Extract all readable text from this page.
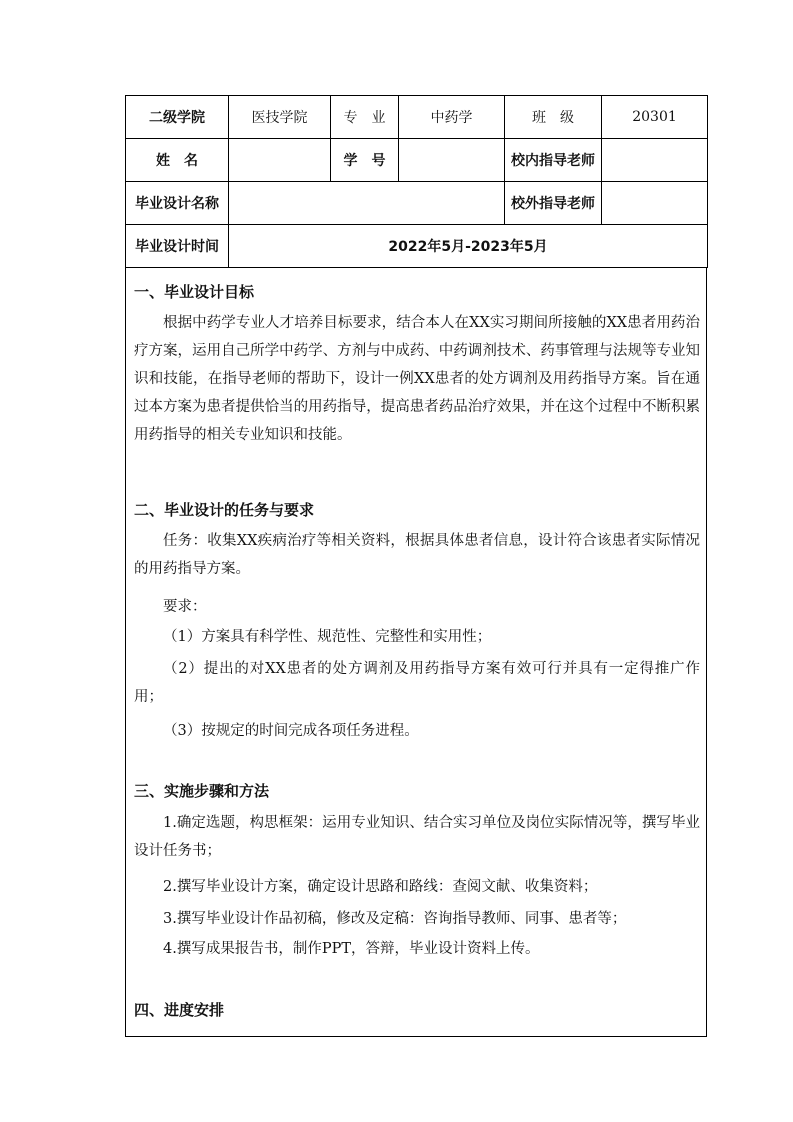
二级学院	医技学院	专　业	中药学	班　级	20301
姓　名		学　号		校内指导老师	
毕业设计名称				校外指导老师	
毕业设计时间	2022年5月-2023年5月				
一、毕业设计目标
根据中药学专业人才培养目标要求，结合本人在XX实习期间所接触的XX患者用药治疗方案，运用自己所学中药学、方剂与中成药、中药调剂技术、药事管理与法规等专业知识和技能，在指导老师的帮助下，设计一例XX患者的处方调剂及用药指导方案。旨在通过本方案为患者提供恰当的用药指导，提高患者药品治疗效果，并在这个过程中不断积累用药指导的相关专业知识和技能。
二、毕业设计的任务与要求
任务：收集XX疾病治疗等相关资料，根据具体患者信息，设计符合该患者实际情况的用药指导方案。
要求：
（1）方案具有科学性、规范性、完整性和实用性；
（2）提出的对XX患者的处方调剂及用药指导方案有效可行并具有一定得推广作用；
（3）按规定的时间完成各项任务进程。
三、实施步骤和方法
1.确定选题，构思框架：运用专业知识、结合实习单位及岗位实际情况等，撰写毕业设计任务书；
2.撰写毕业设计方案，确定设计思路和路线：查阅文献、收集资料；
3.撰写毕业设计作品初稿，修改及定稿：咨询指导教师、同事、患者等；
4.撰写成果报告书，制作PPT，答辩，毕业设计资料上传。
四、进度安排
